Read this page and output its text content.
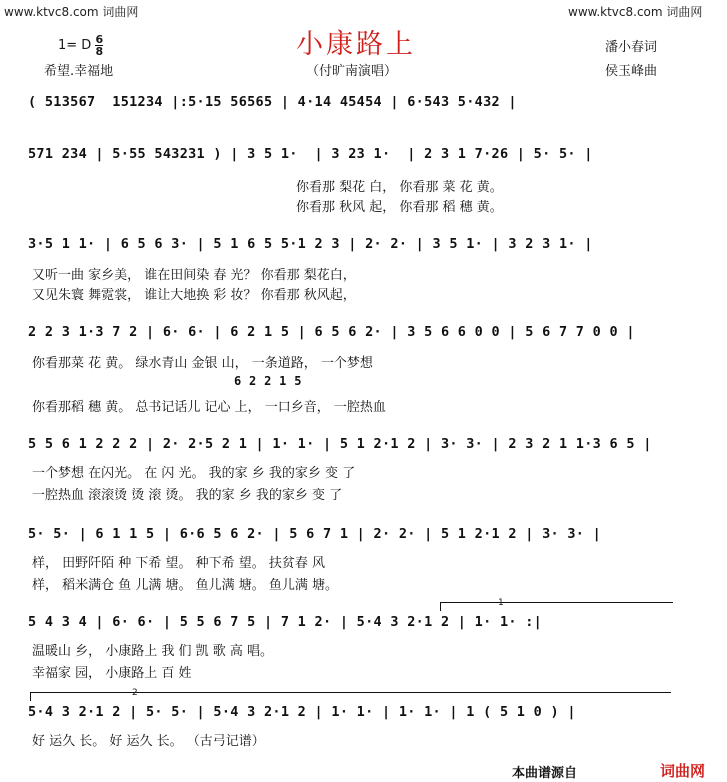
www.ktvc8.com 词曲网	www.ktvc8.com 词曲网
小康路上
1= D $\frac{6}{8}$
希望.幸福地	（付旷南演唱）
潘小春词
侯玉峰曲
( 513567  151234 |:5·15 56565 | 4·14 45454 | 6·543 5·432 |
571 234 | 5·55 543231 ) | 3 5 1·  | 3 23 1·  | 2 3 1 7·26 | 5· 5· |
你看那 梨花 白， 你看那 菜 花 黄。
你看那 秋风 起， 你看那 稻 穗 黄。
3·5 1 1· | 6 5 6 3· | 5 1 6 5 5·1 2 3 | 2· 2· | 3 5 1· | 3 2 3 1· |
又听一曲 家乡美， 谁在田间染 春 光？ 你看那 梨花白，
又见朱寰 舞霓裳， 谁让大地换 彩 妆？ 你看那 秋风起，
2 2 3 1·3 7 2 | 6· 6· | 6 2 1 5 | 6 5 6 2· | 3 5 6 6 0 0 | 5 6 7 7 0 0 |
你看那菜 花 黄。 绿水青山 金银 山， 一条道路， 一个梦想
6 2 2 1 5
你看那稻 穗 黄。 总书记话儿 记心 上， 一口乡音， 一腔热血
5 5 6 1 2 2 2 | 2· 2·5 2 1 | 1· 1· | 5 1 2·1 2 | 3· 3· | 2 3 2 1 1·3 6 5 |
一个梦想 在闪光。 在 闪 光。 我的家 乡 我的家乡 变 了
一腔热血 滚滚烫 烫 滚 烫。 我的家 乡 我的家乡 变 了
5· 5· | 6 1 1 5 | 6·6 5 6 2· | 5 6 7 1 | 2· 2· | 5 1 2·1 2 | 3· 3· |
样， 田野阡陌 种 下希 望。 种下希 望。 扶贫春 风
样， 稻米满仓 鱼 儿满 塘。 鱼儿满 塘。 鱼儿满 塘。
1
5 4 3 4 | 6· 6· | 5 5 6 7 5 | 7 1 2· | 5·4 3 2·1 2 | 1· 1· :|
温暖山 乡， 小康路上 我 们 凯 歌 高 唱。
幸福家 园， 小康路上 百 姓
2
5·4 3 2·1 2 | 5· 5· | 5·4 3 2·1 2 | 1· 1· | 1· 1· | 1 ( 5 1 0 ) |
好 运久 长。 好 运久 长。 （古弓记谱）
本曲谱源自	词曲网
